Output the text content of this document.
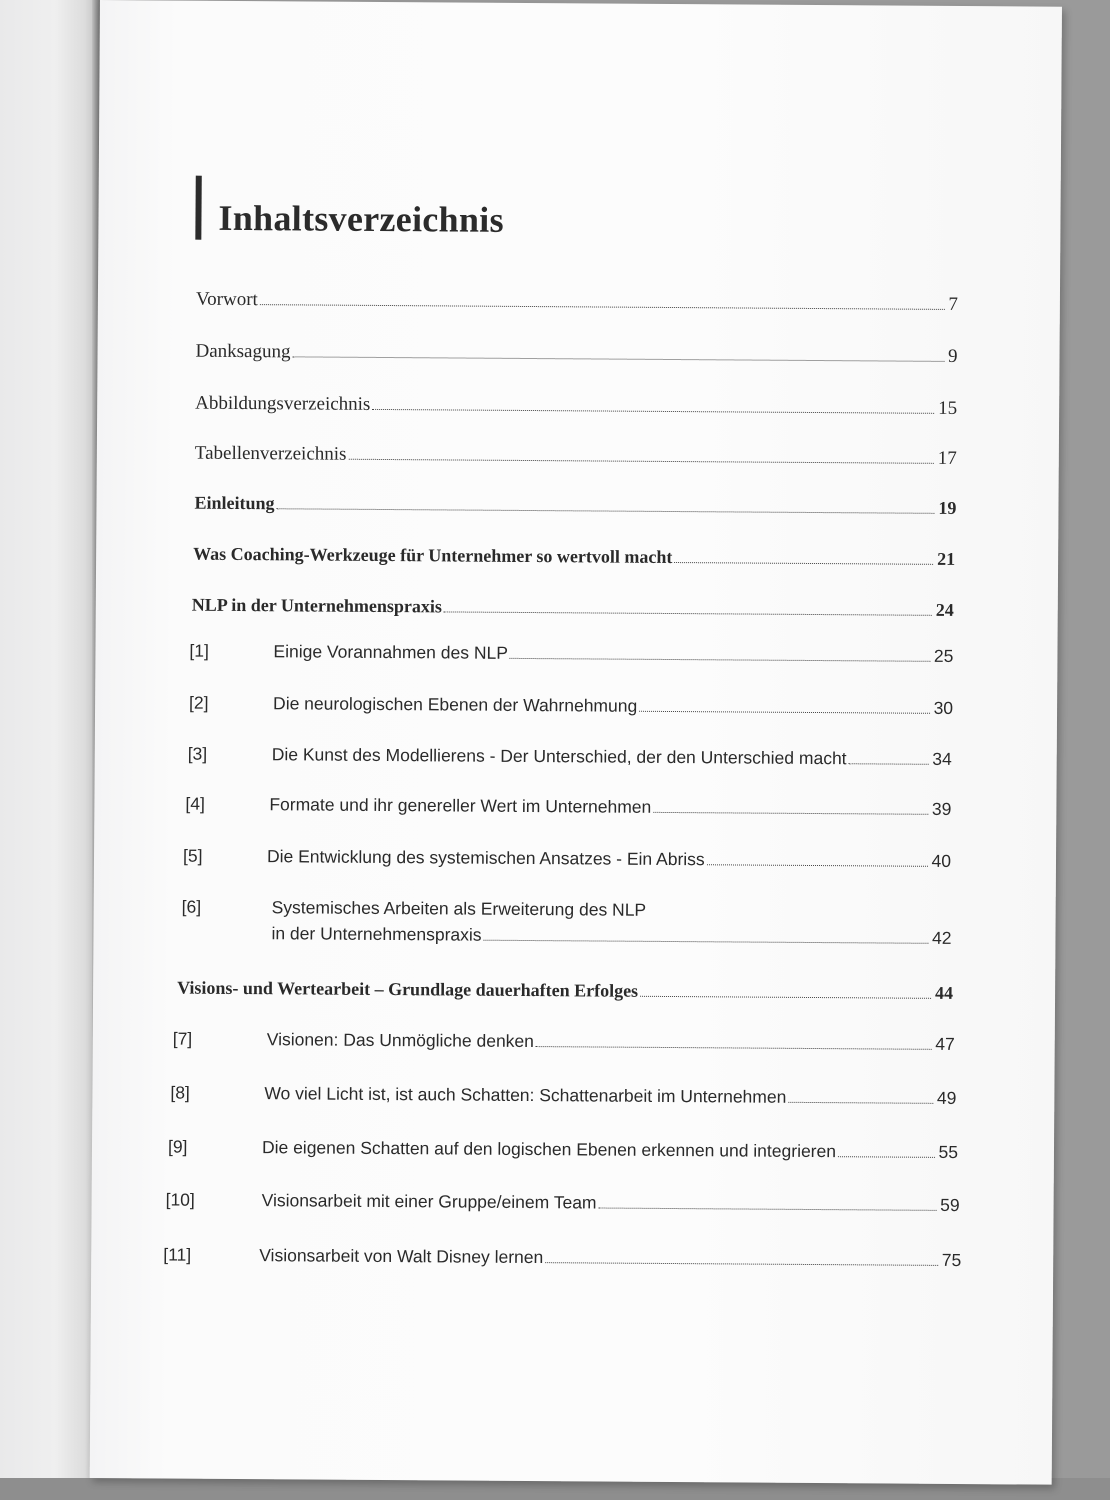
Inhaltsverzeichnis
Vorwort	7
Danksagung	9
Abbildungsverzeichnis	15
Tabellenverzeichnis	17
Einleitung	19
Was Coaching-Werkzeuge für Unternehmer so wertvoll macht	21
NLP in der Unternehmenspraxis	24
[1]	Einige Vorannahmen des NLP	25
[2]	Die neurologischen Ebenen der Wahrnehmung	30
[3]	Die Kunst des Modellierens - Der Unterschied, der den Unterschied macht	34
[4]	Formate und ihr genereller Wert im Unternehmen	39
[5]	Die Entwicklung des systemischen Ansatzes - Ein Abriss	40
[6]	Systemisches Arbeiten als Erweiterung des NLP
in der Unternehmenspraxis	42
Visions- und Wertearbeit – Grundlage dauerhaften Erfolges	44
[7]	Visionen: Das Unmögliche denken	47
[8]	Wo viel Licht ist, ist auch Schatten: Schattenarbeit im Unternehmen	49
[9]	Die eigenen Schatten auf den logischen Ebenen erkennen und integrieren	55
[10]	Visionsarbeit mit einer Gruppe/einem Team	59
[11]	Visionsarbeit von Walt Disney lernen	75
